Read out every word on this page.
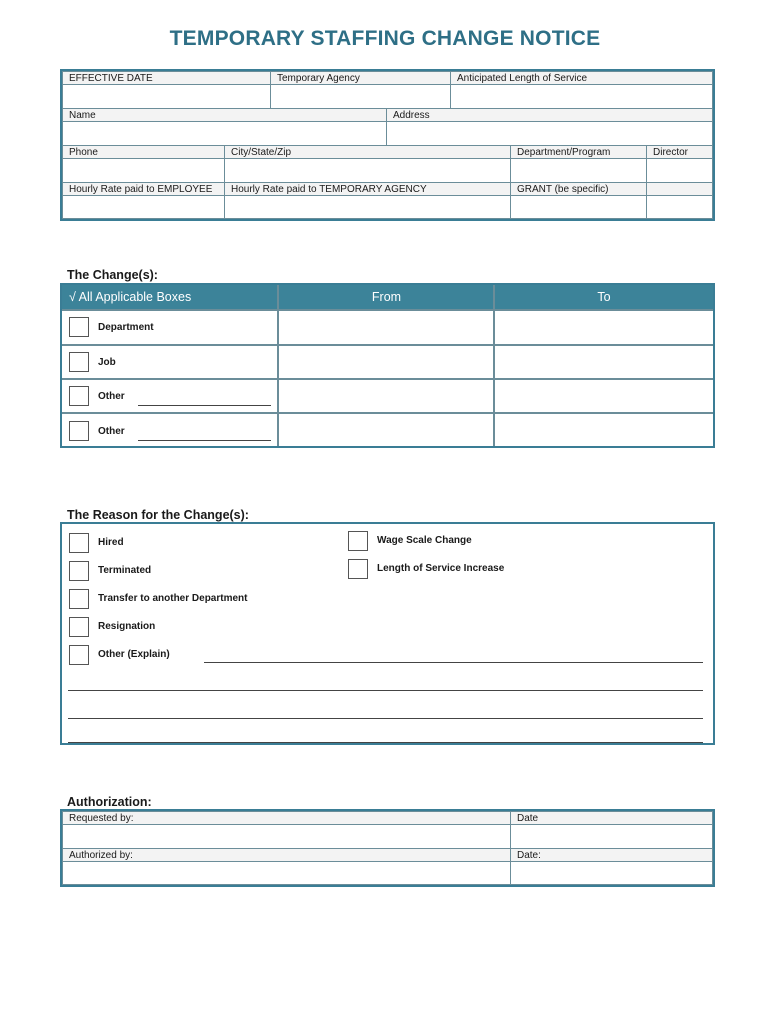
TEMPORARY STAFFING CHANGE NOTICE
EFFECTIVE DATE	Temporary Agency	Anticipated Length of Service
Name	Address
Phone	City/State/Zip	Department/Program	Director
Hourly Rate paid to EMPLOYEE	Hourly Rate paid to TEMPORARY AGENCY	GRANT (be specific)
The Change(s):
√ All Applicable Boxes	From	To
Department
Job
Other
Other
The Reason for the Change(s):
Hired
Terminated
Transfer to another Department
Resignation
Other (Explain)
Wage Scale Change
Length of Service Increase
Authorization:
Requested by:	Date
Authorized by:	Date:
